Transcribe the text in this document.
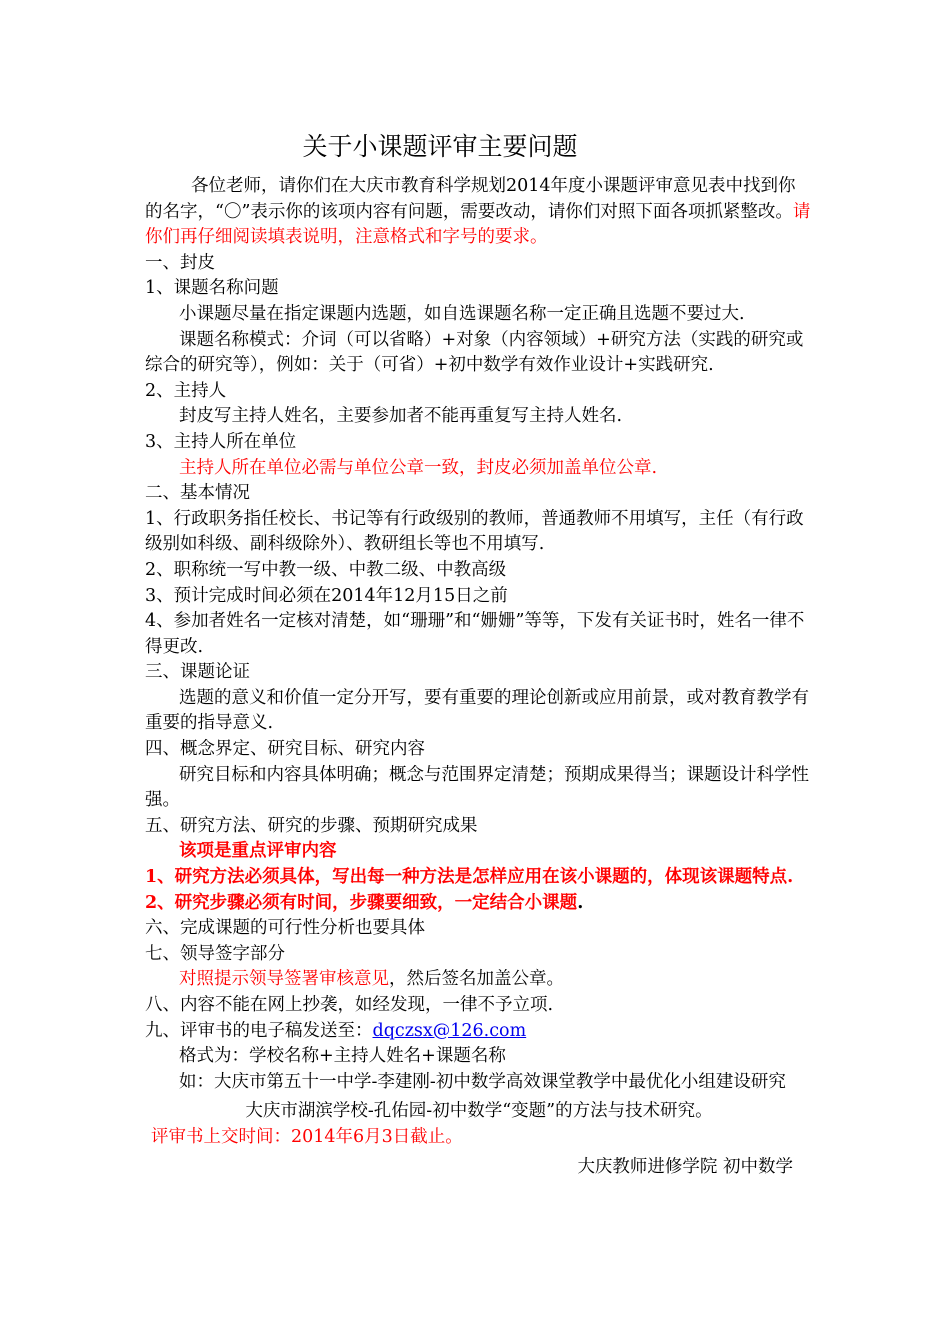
关于小课题评审主要问题

各位老师，请你们在大庆市教育科学规划2014年度小课题评审意见表中找到你的名字，“〇”表示你的该项内容有问题，需要改动，请你们对照下面各项抓紧整改。请你们再仔细阅读填表说明，注意格式和字号的要求。

一、封皮

1、课题名称问题

小课题尽量在指定课题内选题，如自选课题名称一定正确且选题不要过大.

课题名称模式：介词（可以省略）+对象（内容领域）+研究方法（实践的研究或综合的研究等），例如：关于（可省）+初中数学有效作业设计+实践研究.

2、主持人

封皮写主持人姓名，主要参加者不能再重复写主持人姓名.

3、主持人所在单位

主持人所在单位必需与单位公章一致，封皮必须加盖单位公章.

二、基本情况

1、行政职务指任校长、书记等有行政级别的教师，普通教师不用填写，主任（有行政级别如科级、副科级除外）、教研组长等也不用填写.

2、职称统一写中教一级、中教二级、中教高级

3、预计完成时间必须在2014年12月15日之前

4、参加者姓名一定核对清楚，如“珊珊”和“姗姗”等等，下发有关证书时，姓名一律不得更改.

三、课题论证

选题的意义和价值一定分开写，要有重要的理论创新或应用前景，或对教育教学有重要的指导意义.

四、概念界定、研究目标、研究内容

研究目标和内容具体明确；概念与范围界定清楚；预期成果得当；课题设计科学性强。

五、研究方法、研究的步骤、预期研究成果

该项是重点评审内容

1、研究方法必须具体，写出每一种方法是怎样应用在该小课题的，体现该课题特点.

2、研究步骤必须有时间，步骤要细致，一定结合小课题.

六、完成课题的可行性分析也要具体

七、领导签字部分

对照提示领导签署审核意见，然后签名加盖公章。

八、内容不能在网上抄袭，如经发现，一律不予立项.

九、评审书的电子稿发送至：dqczsx@126.com

格式为：学校名称+主持人姓名+课题名称

如：大庆市第五十一中学-李建刚-初中数学高效课堂教学中最优化小组建设研究

大庆市湖滨学校-孔佑园-初中数学“变题”的方法与技术研究。

评审书上交时间：2014年6月3日截止。

大庆教师进修学院 初中数学
